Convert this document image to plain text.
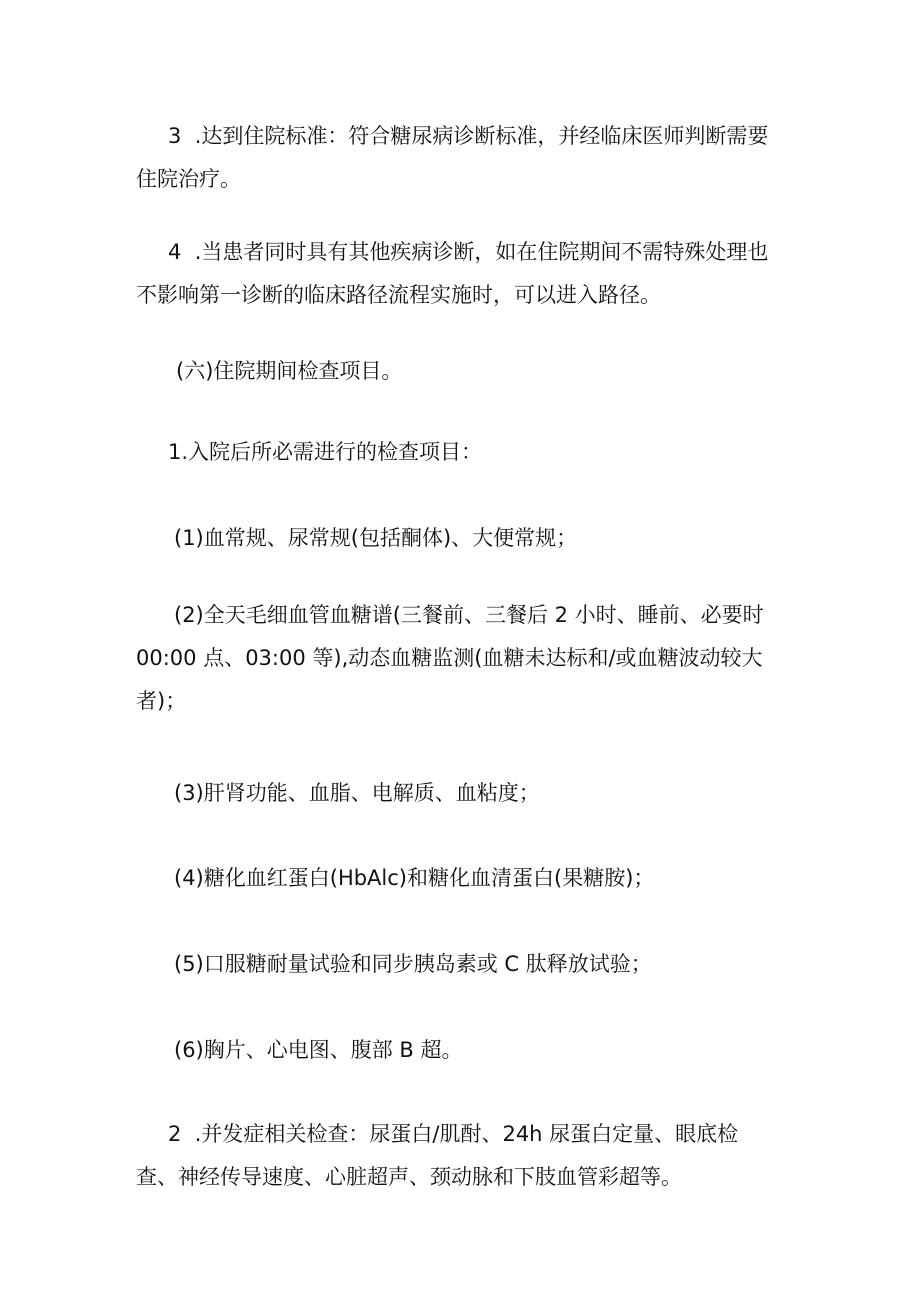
3  .达到住院标准：符合糖尿病诊断标准，并经临床医师判断需要
住院治疗。

4  .当患者同时具有其他疾病诊断，如在住院期间不需特殊处理也
不影响第一诊断的临床路径流程实施时，可以进入路径。

(六)住院期间检查项目。

1.入院后所必需进行的检查项目：

(1)血常规、尿常规(包括酮体)、大便常规；

(2)全天毛细血管血糖谱(三餐前、三餐后 2 小时、睡前、必要时
00:00 点、03:00 等),动态血糖监测(血糖未达标和/或血糖波动较大
者)；

(3)肝肾功能、血脂、电解质、血粘度；

(4)糖化血红蛋白(HbAlc)和糖化血清蛋白(果糖胺)；

(5)口服糖耐量试验和同步胰岛素或 C 肽释放试验；

(6)胸片、心电图、腹部 B 超。

2  .并发症相关检查：尿蛋白/肌酎、24h 尿蛋白定量、眼底检
查、神经传导速度、心脏超声、颈动脉和下肢血管彩超等。
